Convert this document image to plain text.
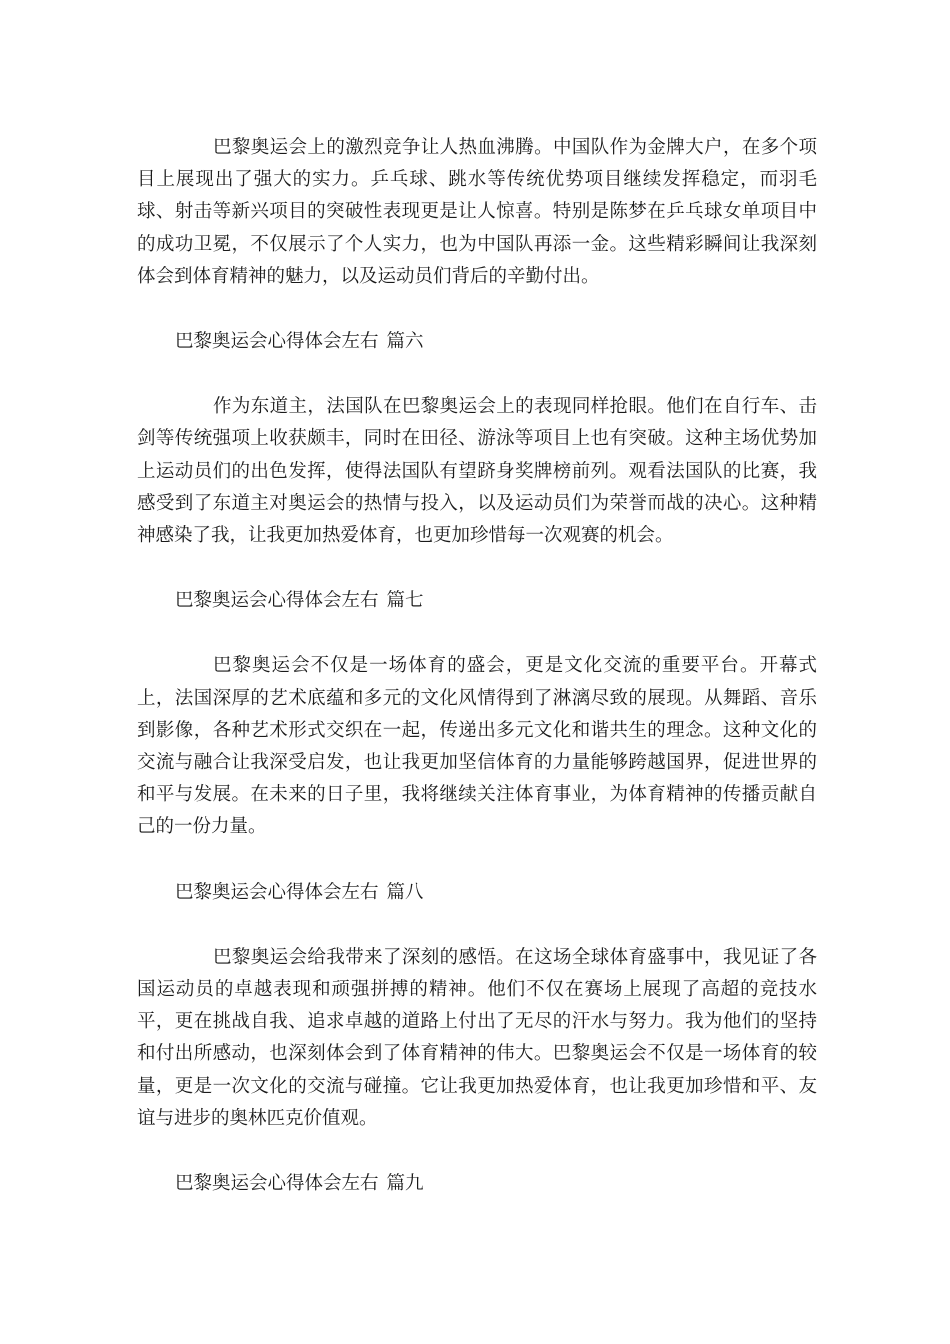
巴黎奥运会上的激烈竞争让人热血沸腾。中国队作为金牌大户，在多个项目上展现出了强大的实力。乒乓球、跳水等传统优势项目继续发挥稳定，而羽毛球、射击等新兴项目的突破性表现更是让人惊喜。特别是陈梦在乒乓球女单项目中的成功卫冕，不仅展示了个人实力，也为中国队再添一金。这些精彩瞬间让我深刻体会到体育精神的魅力，以及运动员们背后的辛勤付出。

巴黎奥运会心得体会左右 篇六

作为东道主，法国队在巴黎奥运会上的表现同样抢眼。他们在自行车、击剑等传统强项上收获颇丰，同时在田径、游泳等项目上也有突破。这种主场优势加上运动员们的出色发挥，使得法国队有望跻身奖牌榜前列。观看法国队的比赛，我感受到了东道主对奥运会的热情与投入，以及运动员们为荣誉而战的决心。这种精神感染了我，让我更加热爱体育，也更加珍惜每一次观赛的机会。

巴黎奥运会心得体会左右 篇七

巴黎奥运会不仅是一场体育的盛会，更是文化交流的重要平台。开幕式上，法国深厚的艺术底蕴和多元的文化风情得到了淋漓尽致的展现。从舞蹈、音乐到影像，各种艺术形式交织在一起，传递出多元文化和谐共生的理念。这种文化的交流与融合让我深受启发，也让我更加坚信体育的力量能够跨越国界，促进世界的和平与发展。在未来的日子里，我将继续关注体育事业，为体育精神的传播贡献自己的一份力量。

巴黎奥运会心得体会左右 篇八

巴黎奥运会给我带来了深刻的感悟。在这场全球体育盛事中，我见证了各国运动员的卓越表现和顽强拼搏的精神。他们不仅在赛场上展现了高超的竞技水平，更在挑战自我、追求卓越的道路上付出了无尽的汗水与努力。我为他们的坚持和付出所感动，也深刻体会到了体育精神的伟大。巴黎奥运会不仅是一场体育的较量，更是一次文化的交流与碰撞。它让我更加热爱体育，也让我更加珍惜和平、友谊与进步的奥林匹克价值观。

巴黎奥运会心得体会左右 篇九
